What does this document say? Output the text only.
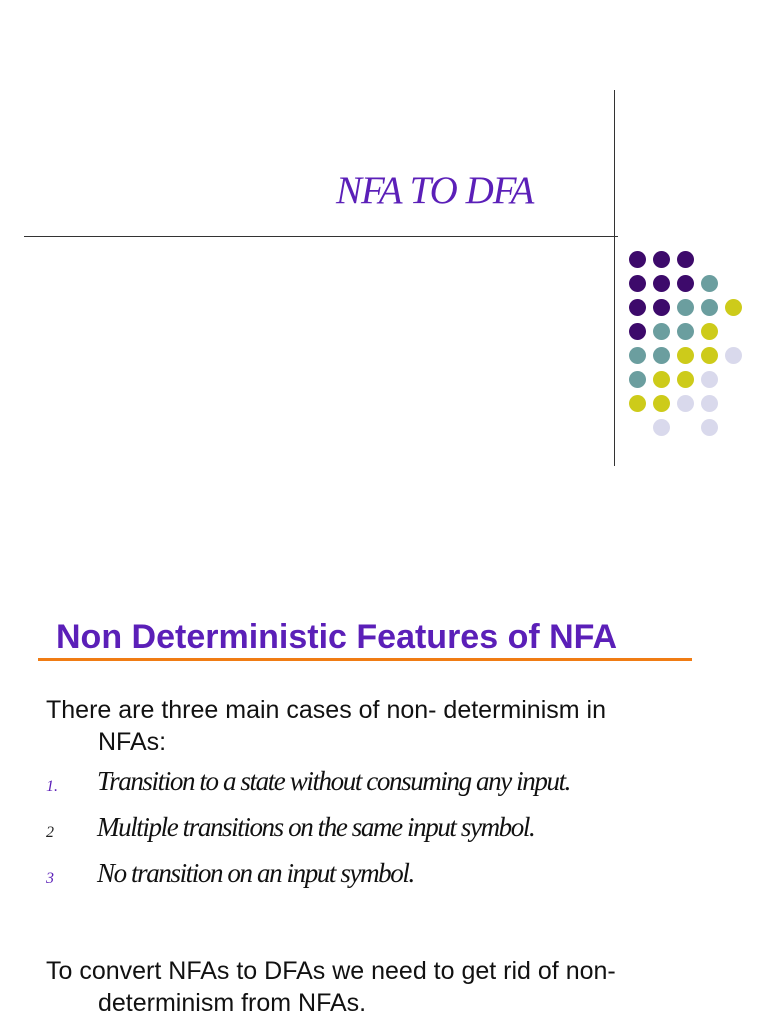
NFA TO DFA
Non Deterministic Features of NFA
There are three main cases of non- determinism in
NFAs:
1. Transition to a state without consuming any input.
2 Multiple transitions on the same input symbol.
3 No transition on an input symbol.
To convert NFAs to DFAs we need to get rid of non-
determinism from NFAs.
